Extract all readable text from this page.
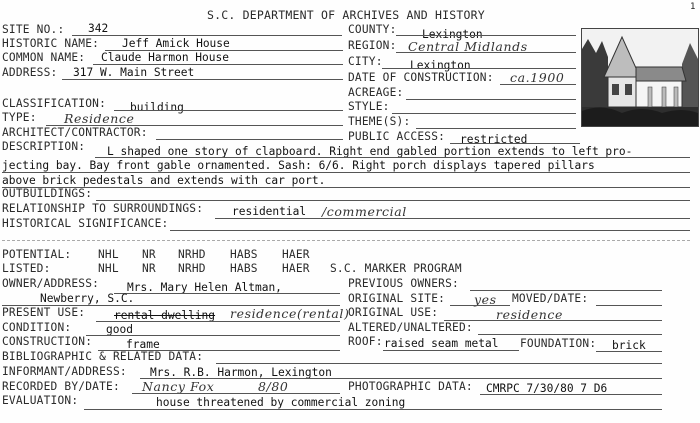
1
S.C. DEPARTMENT OF ARCHIVES AND HISTORY
SITE NO.: 342
HISTORIC NAME: Jeff Amick House
COMMON NAME: Claude Harmon House
ADDRESS: 317 W. Main Street
COUNTY: Lexington
REGION: Central Midlands
CITY: Lexington
DATE OF CONSTRUCTION: ca.1900
ACREAGE:
CLASSIFICATION: building
TYPE: Residence
ARCHITECT/CONTRACTOR:
STYLE:
THEME(S):
PUBLIC ACCESS: restricted
DESCRIPTION: L shaped one story of clapboard. Right end gabled portion extends to left pro-
jecting bay. Bay front gable ornamented. Sash: 6/6. Right porch displays tapered pillars
above brick pedestals and extends with car port.
OUTBUILDINGS:
RELATIONSHIP TO SURROUNDINGS:	residential /commercial
HISTORICAL SIGNIFICANCE:
POTENTIAL: NHL NR NRHD HABS HAER
LISTED:	NHL NR NRHD HABS HAER S.C. MARKER PROGRAM
OWNER/ADDRESS: Mrs. Mary Helen Altman,
Newberry, S.C.
PREVIOUS OWNERS:
PRESENT USE:	rental dwelling residence(rental)
ORIGINAL SITE: yes MOVED/DATE:
ORIGINAL USE:	residence
CONDITION:	good	ALTERED/UNALTERED:
CONSTRUCTION:	frame	ROOF: raised seam metal FOUNDATION: brick
BIBLIOGRAPHIC & RELATED DATA:
INFORMANT/ADDRESS: Mrs. R.B. Harmon, Lexington
RECORDED BY/DATE: Nancy Fox	8/80	PHOTOGRAPHIC DATA: CMRPC 7/30/80 7 D6
EVALUATION:	house threatened by commercial zoning
